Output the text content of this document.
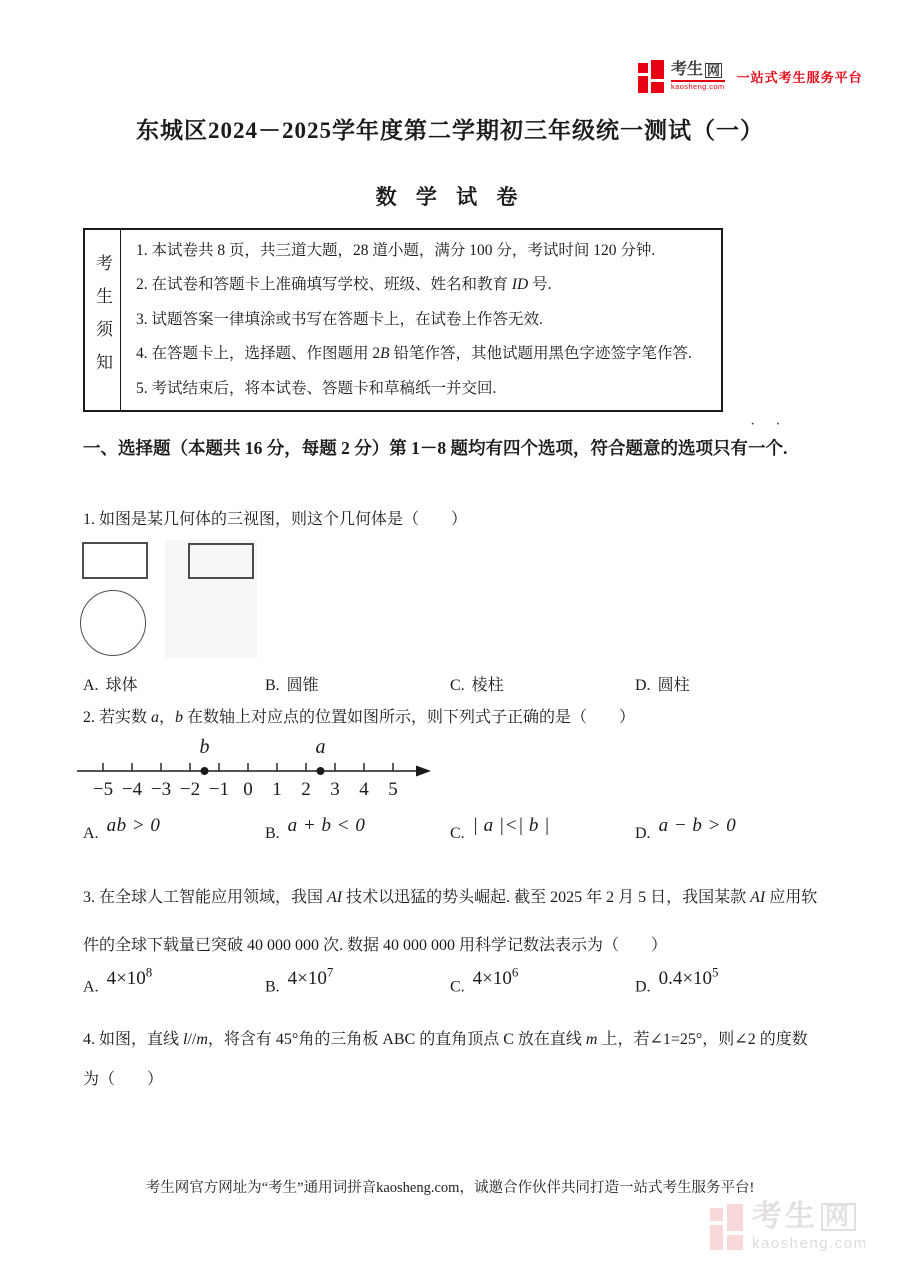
考生 网
kaosheng.com
一站式考生服务平台
东城区2024－2025学年度第二学期初三年级统一测试（一）
数 学 试 卷
考生须知
1. 本试卷共 8 页，共三道大题，28 道小题，满分 100 分，考试时间 120 分钟.
2. 在试卷和答题卡上准确填写学校、班级、姓名和教育 ID 号.
3. 试题答案一律填涂或书写在答题卡上，在试卷上作答无效.
4. 在答题卡上，选择题、作图题用 2B 铅笔作答，其他试题用黑色字迹签字笔作答.
5. 考试结束后，将本试卷、答题卡和草稿纸一并交回.
··
一、选择题（本题共 16 分，每题 2 分）第 1－8 题均有四个选项，符合题意的选项只有一个.
1. 如图是某几何体的三视图，则这个几何体是（　　）
A. 球体	B. 圆锥	C. 棱柱	D. 圆柱
2. 若实数 a，b 在数轴上对应点的位置如图所示，则下列式子正确的是（　　）
−5 −4 −3 −2 −1 0 1 2 3 4 5
b	a
A. ab > 0	B. a + b < 0	C. | a |<| b |	D. a − b > 0
3. 在全球人工智能应用领域，我国 AI 技术以迅猛的势头崛起. 截至 2025 年 2 月 5 日，我国某款 AI 应用软
件的全球下载量已突破 40 000 000 次. 数据 40 000 000 用科学记数法表示为（　　）
A. $4\times 10^8$
B. $4\times 10^7$
C. $4\times 10^6$
D. $0.4\times 10^5$
4. 如图，直线 l//m，将含有 45°角的三角板 ABC 的直角顶点 C 放在直线 m 上，若∠1=25°，则∠2 的度数
为（　　）
考生网官方网址为“考生”通用词拼音kaosheng.com，诚邀合作伙伴共同打造一站式考生服务平台!
考生 网
kaosheng.com
